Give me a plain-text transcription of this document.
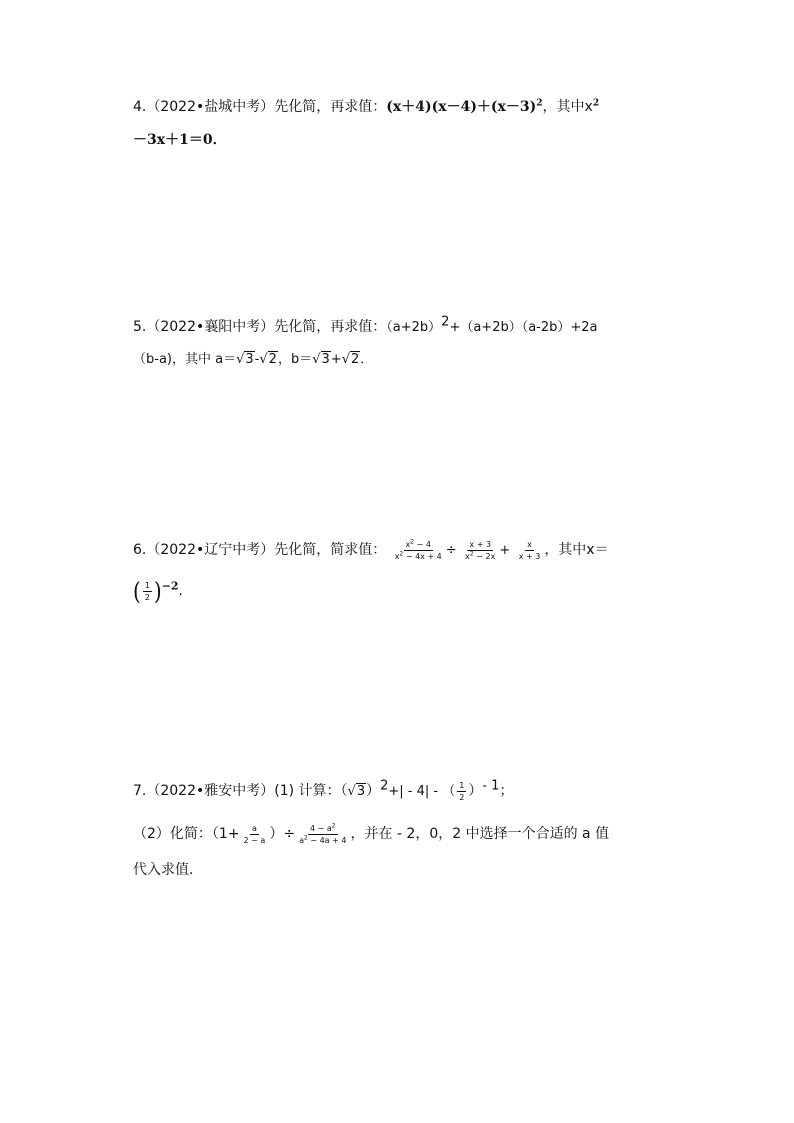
4.（2022•盐城中考）先化简，再求值：$(x+4)(x-4)+(x-3)^2$，其中$x^2$
－3x＋1＝0．
5.（2022•襄阳中考）先化简，再求值：$(a+2b)^2+(a+2b)(a-2b)+2a$
（b-a)，其中 a＝√3-√2，b＝√3+√2．
6.（2022•辽宁中考）先化简，简求值： $\frac{x^2 - 4}{x^2 - 4x + 4} \div \frac{x + 3}{x^2 - 2x} + \frac{x}{x + 3}$ ，其中x＝
( $\frac{1}{2} )^{-2}$.
7.（2022•雅安中考）(1) 计算：$(√3)^2+| - 4|$ - （ $\frac{1}{2} )^{- 1}$；
（2）化简：（$1+ \frac{a}{2 - a}$ ）÷ $\frac{4 - a^2}{a^2 - 4a + 4}$ ，并在 - 2，0，2 中选择一个合适的 a 值
代入求值．
